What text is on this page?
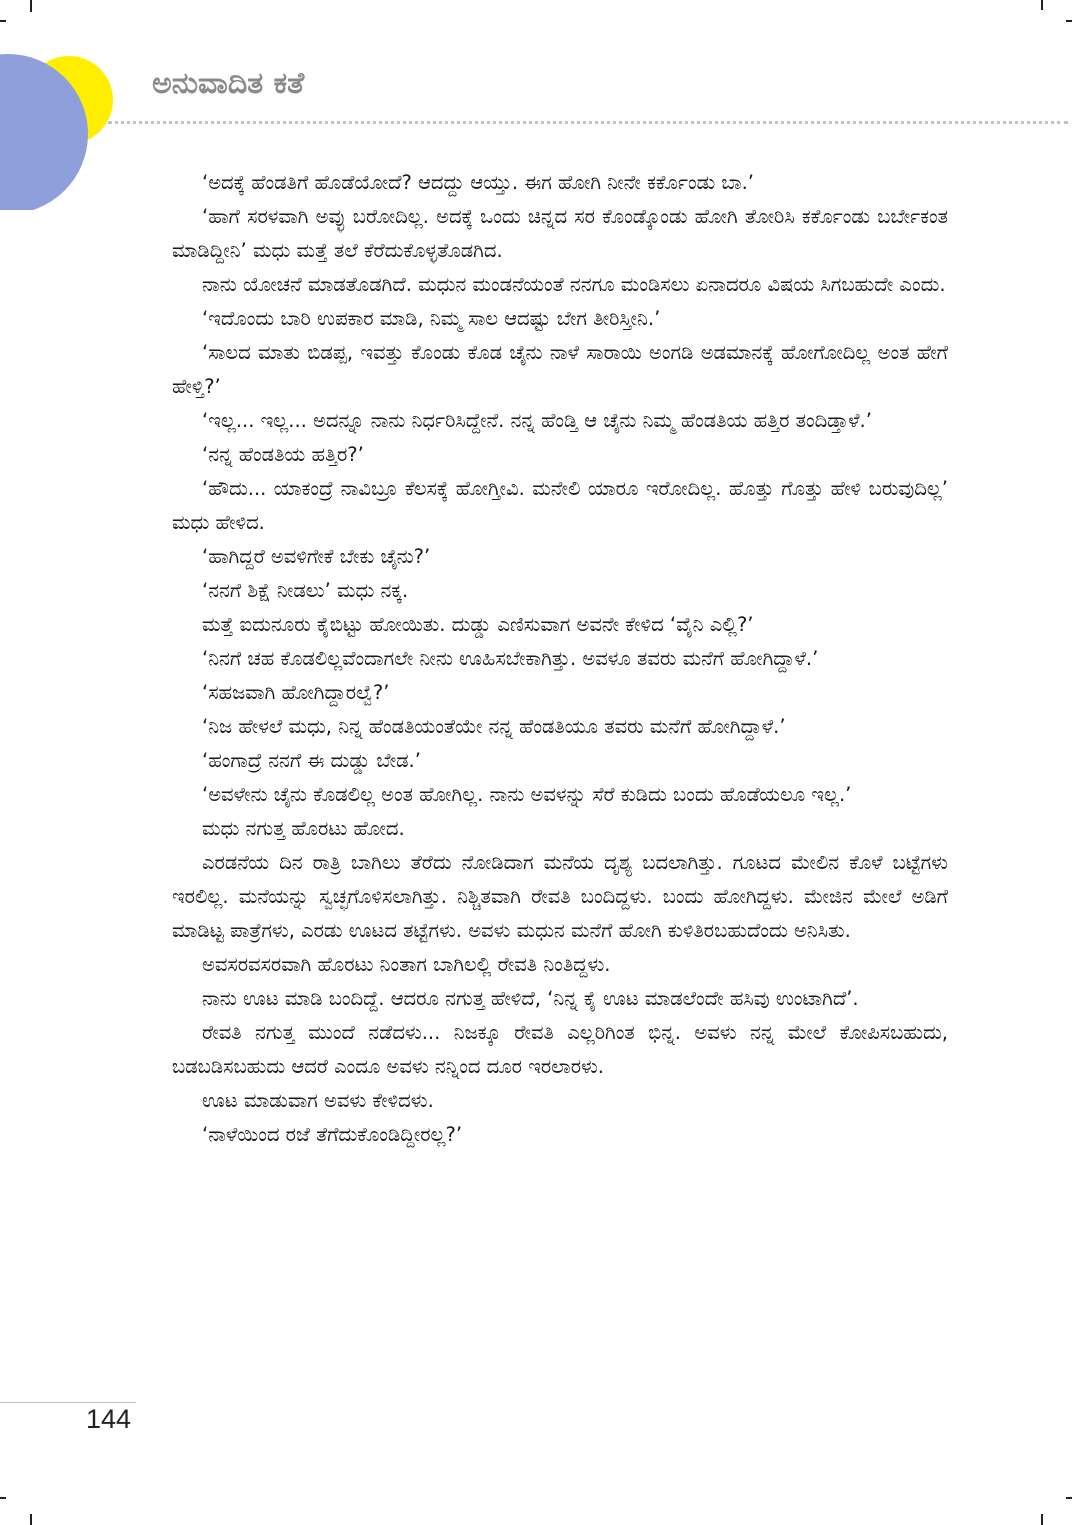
ಅನುವಾದಿತ ಕತೆ

‘ಅದಕ್ಕೆ ಹೆಂಡತಿಗೆ ಹೊಡೆಯೋದೆ? ಆದದ್ದು ಆಯ್ತು. ಈಗ ಹೋಗಿ ನೀನೇ ಕರ್ಕೊಂಡು ಬಾ.’

‘ಹಾಗೆ ಸರಳವಾಗಿ ಅವ್ಳು ಬರೋದಿಲ್ಲ. ಅದಕ್ಕೆ ಒಂದು ಚಿನ್ನದ ಸರ ಕೊಂಡ್ಕೊಂಡು ಹೋಗಿ ತೋರಿಸಿ ಕರ್ಕೊಂಡು ಬರ್ಬೇಕಂತ ಮಾಡಿದ್ದೀನಿ’ ಮಧು ಮತ್ತೆ ತಲೆ ಕೆರೆದುಕೊಳ್ಳತೊಡಗಿದ.

ನಾನು ಯೋಚನೆ ಮಾಡತೊಡಗಿದೆ. ಮಧುನ ಮಂಡನೆಯಂತೆ ನನಗೂ ಮಂಡಿಸಲು ಏನಾದರೂ ವಿಷಯ ಸಿಗಬಹುದೇ ಎಂದು.

‘ಇದೊಂದು ಬಾರಿ ಉಪಕಾರ ಮಾಡಿ, ನಿಮ್ಮ ಸಾಲ ಆದಷ್ಟು ಬೇಗ ತೀರಿಸ್ತೀನಿ.’

‘ಸಾಲದ ಮಾತು ಬಿಡಪ್ಪ, ಇವತ್ತು ಕೊಂಡು ಕೊಡ ಚೈನು ನಾಳೆ ಸಾರಾಯಿ ಅಂಗಡಿ ಅಡಮಾನಕ್ಕೆ ಹೋಗೋದಿಲ್ಲ ಅಂತ ಹೇಗೆ ಹೇಳ್ತಿ?’

‘ಇಲ್ಲ... ಇಲ್ಲ... ಅದನ್ನೂ ನಾನು ನಿರ್ಧರಿಸಿದ್ದೇನೆ. ನನ್ನ ಹೆಂಡ್ತಿ ಆ ಚೈನು ನಿಮ್ಮ ಹೆಂಡತಿಯ ಹತ್ತಿರ ತಂದಿಡ್ತಾಳೆ.’

‘ನನ್ನ ಹೆಂಡತಿಯ ಹತ್ತಿರ?’

‘ಹೌದು... ಯಾಕಂದ್ರೆ ನಾವಿಬ್ರೂ ಕೆಲಸಕ್ಕೆ ಹೋಗ್ತೀವಿ. ಮನೇಲಿ ಯಾರೂ ಇರೋದಿಲ್ಲ. ಹೊತ್ತು ಗೊತ್ತು ಹೇಳಿ ಬರುವುದಿಲ್ಲ’ ಮಧು ಹೇಳಿದ.

‘ಹಾಗಿದ್ದರೆ ಅವಳಿಗೇಕೆ ಬೇಕು ಚೈನು?’

‘ನನಗೆ ಶಿಕ್ಷೆ ನೀಡಲು’ ಮಧು ನಕ್ಕ.

ಮತ್ತೆ ಐದುನೂರು ಕೈಬಿಟ್ಟು ಹೋಯಿತು. ದುಡ್ಡು ಎಣಿಸುವಾಗ ಅವನೇ ಕೇಳಿದ ‘ವೈನಿ ಎಲ್ಲಿ?’

‘ನಿನಗೆ ಚಹ ಕೊಡಲಿಲ್ಲವೆಂದಾಗಲೇ ನೀನು ಊಹಿಸಬೇಕಾಗಿತ್ತು. ಅವಳೂ ತವರು ಮನೆಗೆ ಹೋಗಿದ್ದಾಳೆ.’

‘ಸಹಜವಾಗಿ ಹೋಗಿದ್ದಾರಲ್ವೆ?’

‘ನಿಜ ಹೇಳಲೆ ಮಧು, ನಿನ್ನ ಹೆಂಡತಿಯಂತೆಯೇ ನನ್ನ ಹೆಂಡತಿಯೂ ತವರು ಮನೆಗೆ ಹೋಗಿದ್ದಾಳೆ.’

‘ಹಂಗಾದ್ರೆ ನನಗೆ ಈ ದುಡ್ಡು ಬೇಡ.’

‘ಅವಳೇನು ಚೈನು ಕೊಡಲಿಲ್ಲ ಅಂತ ಹೋಗಿಲ್ಲ. ನಾನು ಅವಳನ್ನು ಸೆರೆ ಕುಡಿದು ಬಂದು ಹೊಡೆಯಲೂ ಇಲ್ಲ.’

ಮಧು ನಗುತ್ತ ಹೊರಟು ಹೋದ.

ಎರಡನೆಯ ದಿನ ರಾತ್ರಿ ಬಾಗಿಲು ತೆರೆದು ನೋಡಿದಾಗ ಮನೆಯ ದೃಶ್ಯ ಬದಲಾಗಿತ್ತು. ಗೂಟದ ಮೇಲಿನ ಕೊಳೆ ಬಟ್ಟೆಗಳು ಇರಲಿಲ್ಲ. ಮನೆಯನ್ನು ಸ್ವಚ್ಛಗೊಳಿಸಲಾಗಿತ್ತು. ನಿಶ್ಚಿತವಾಗಿ ರೇವತಿ ಬಂದಿದ್ದಳು. ಬಂದು ಹೋಗಿದ್ದಳು. ಮೇಜಿನ ಮೇಲೆ ಅಡಿಗೆ ಮಾಡಿಟ್ಟ ಪಾತ್ರೆಗಳು, ಎರಡು ಊಟದ ತಟ್ಟೆಗಳು. ಅವಳು ಮಧುನ ಮನೆಗೆ ಹೋಗಿ ಕುಳಿತಿರಬಹುದೆಂದು ಅನಿಸಿತು.

ಅವಸರವಸರವಾಗಿ ಹೊರಟು ನಿಂತಾಗ ಬಾಗಿಲಲ್ಲಿ ರೇವತಿ ನಿಂತಿದ್ದಳು.

ನಾನು ಊಟ ಮಾಡಿ ಬಂದಿದ್ದೆ. ಆದರೂ ನಗುತ್ತ ಹೇಳಿದೆ, ‘ನಿನ್ನ ಕೈ ಊಟ ಮಾಡಲೆಂದೇ ಹಸಿವು ಉಂಟಾಗಿದೆ’.

ರೇವತಿ ನಗುತ್ತ ಮುಂದೆ ನಡೆದಳು... ನಿಜಕ್ಕೂ ರೇವತಿ ಎಲ್ಲರಿಗಿಂತ ಭಿನ್ನ. ಅವಳು ನನ್ನ ಮೇಲೆ ಕೋಪಿಸಬಹುದು, ಬಡಬಡಿಸಬಹುದು ಆದರೆ ಎಂದೂ ಅವಳು ನನ್ನಿಂದ ದೂರ ಇರಲಾರಳು.

ಊಟ ಮಾಡುವಾಗ ಅವಳು ಕೇಳಿದಳು.

‘ನಾಳೆಯಿಂದ ರಜೆ ತೆಗೆದುಕೊಂಡಿದ್ದೀರಲ್ಲ?’

144
